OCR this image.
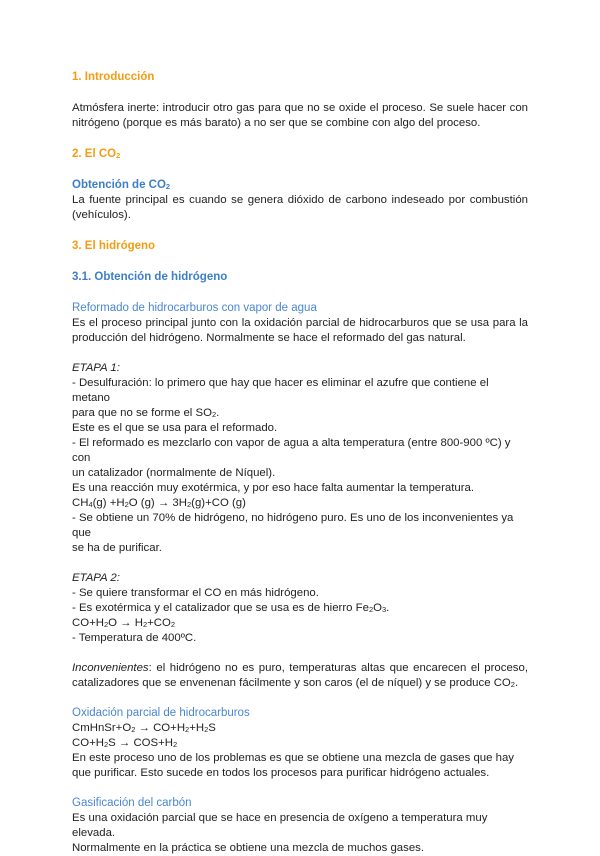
1. Introducción

Atmósfera inerte: introducir otro gas para que no se oxide el proceso. Se suele hacer con nitrógeno (porque es más barato) a no ser que se combine con algo del proceso.

2. El $CO_2$
Obtención de $CO_2$

La fuente principal es cuando se genera dióxido de carbono indeseado por combustión (vehículos).

3. El hidrógeno
3.1. Obtención de hidrógeno
Reformado de hidrocarburos con vapor de agua

Es el proceso principal junto con la oxidación parcial de hidrocarburos que se usa para la producción del hidrógeno. Normalmente se hace el reformado del gas natural.

ETAPA 1:
- Desulfuración: lo primero que hay que hacer es eliminar el azufre que contiene el metano
para que no se forme el $SO_2$.
Este es el que se usa para el reformado.
- El reformado es mezclarlo con vapor de agua a alta temperatura (entre 800-900 ºC) y con
un catalizador (normalmente de Níquel).
Es una reacción muy exotérmica, y por eso hace falta aumentar la temperatura.
$CH_4(g) +H_2O$ $(g) \to 3H_2(g)+CO$ (g)
- Se obtiene un 70% de hidrógeno, no hidrógeno puro. Es uno de los inconvenientes ya que
se ha de purificar.
ETAPA 2:
- Se quiere transformar el CO en más hidrógeno.
- Es exotérmica y el catalizador que se usa es de hierro $Fe_2O_3$.
$CO+H_2O \to H_2+CO_2$
- Temperatura de 400ºC.

Inconvenientes: el hidrógeno no es puro, temperaturas altas que encarecen el proceso, catalizadores que se envenenan fácilmente y son caros (el de níquel) y se produce $CO_2$.

Oxidación parcial de hidrocarburos
$CmHnSr+O_2 \to CO+H_2+H_2S$
$CO+H_2S \to COS+H_2$

En este proceso uno de los problemas es que se obtiene una mezcla de gases que hay que purificar. Esto sucede en todos los procesos para purificar hidrógeno actuales.

Gasificación del carbón
Es una oxidación parcial que se hace en presencia de oxígeno a temperatura muy elevada.
Normalmente en la práctica se obtiene una mezcla de muchos gases.
